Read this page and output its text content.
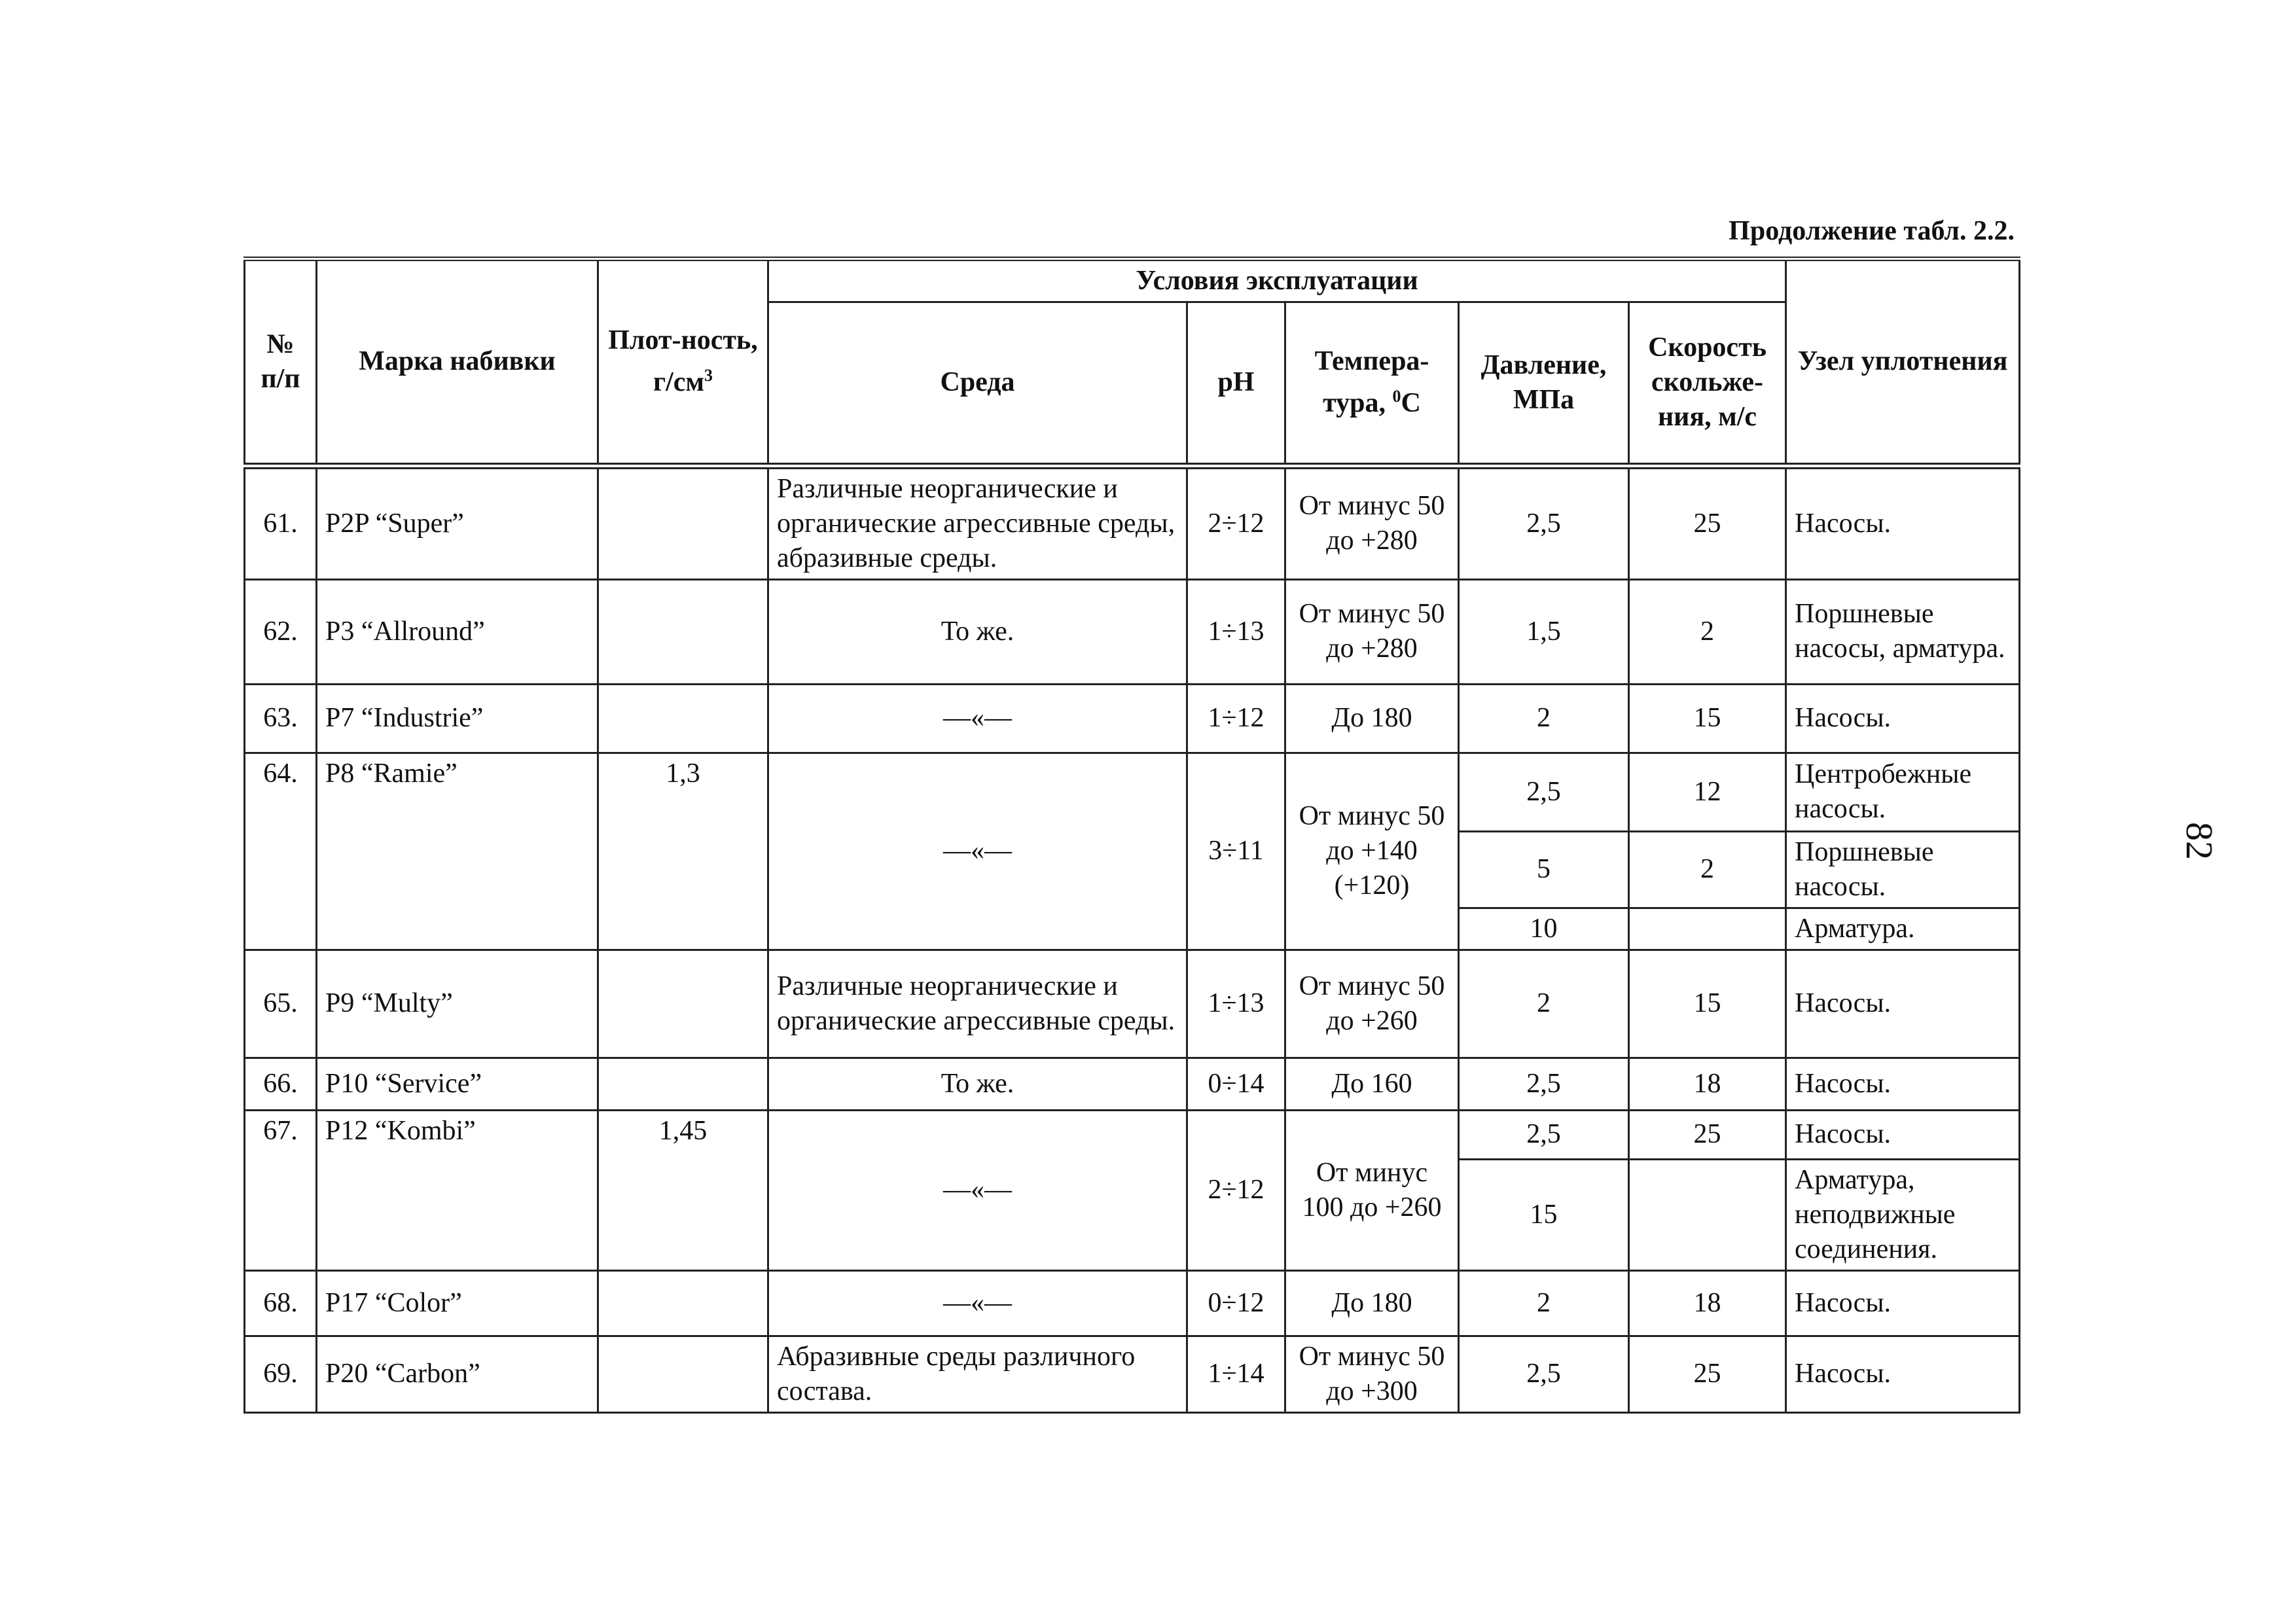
Продолжение табл. 2.2.
82
№ п/п	Марка набивки	Плот-ность, $г/см^3$	Условия эксплуатации					Узел уплотнения
			Среда	pH	Темпера-тура, $^0$С	Давление, МПа	Скорость скольже-ния, м/с	
61.	P2P “Super”		Различные неорганические и органические агрессивные среды, абразивные среды.	2÷12	От минус 50 до +280	2,5	25	Насосы.
62.	P3 “Allround”		То же.	1÷13	От минус 50 до +280	1,5	2	Поршневые насосы, арматура.
63.	P7 “Industrie”		—«—	1÷12	До 180	2	15	Насосы.
64.	P8 “Ramie”	1,3	—«—	3÷11	От минус 50 до +140 (+120)	2,5	12	Центробежные насосы.
						5	2	Поршневые насосы.
						10		Арматура.
65.	P9 “Multy”		Различные неорганические и органические агрессивные среды.	1÷13	От минус 50 до +260	2	15	Насосы.
66.	P10 “Service”		То же.	0÷14	До 160	2,5	18	Насосы.
67.	P12 “Kombi”	1,45	—«—	2÷12	От минус 100 до +260	2,5	25	Насосы.
						15		Арматура, неподвижные соединения.
68.	P17 “Color”		—«—	0÷12	До 180	2	18	Насосы.
69.	P20 “Carbon”		Абразивные среды различного состава.	1÷14	От минус 50 до +300	2,5	25	Насосы.
